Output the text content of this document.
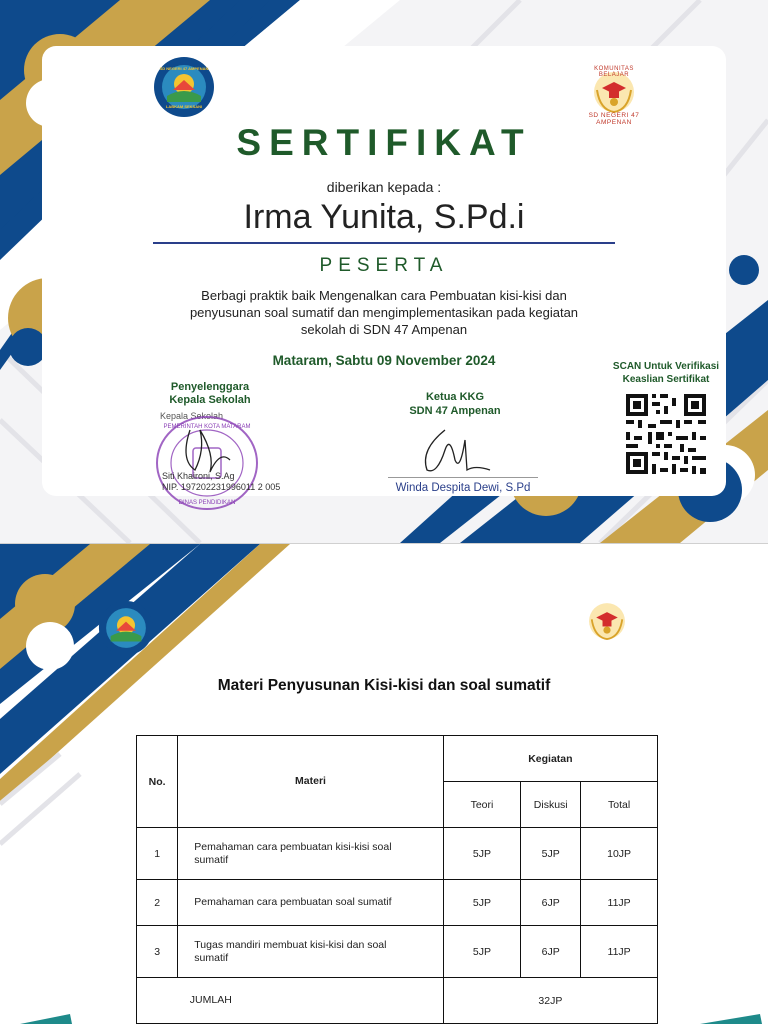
SD NEGERI 47 AMPENAN
LABKAM SEKSANI
KOMUNITAS BELAJAR
SD NEGERI 47 AMPENAN
SERTIFIKAT
diberikan kepada :
Irma Yunita, S.Pd.i
PESERTA
Berbagi praktik baik Mengenalkan cara Pembuatan kisi-kisi dan penyusunan soal sumatif dan mengimplementasikan pada kegiatan sekolah di SDN 47 Ampenan
Mataram, Sabtu 09 November 2024
Penyelenggara
Kepala Sekolah
Kepala Sekolah
PEMERINTAH KOTA MATARAM
DINAS PENDIDIKAN
Siti Khaironi, S.Ag
NIP. 197202231996011 2 005
Ketua KKG
SDN 47 Ampenan
Winda Despita Dewi, S.Pd
SCAN Untuk Verifikasi
Keaslian Sertifikat
Materi Penyusunan Kisi-kisi dan soal sumatif
No.	Materi	Kegiatan		
		Teori	Diskusi	Total
1	Pemahaman cara pembuatan kisi-kisi soal sumatif	5JP	5JP	10JP
2	Pemahaman cara pembuatan soal sumatif	5JP	6JP	11JP
3	Tugas mandiri membuat kisi-kisi dan soal sumatif	5JP	6JP	11JP
	JUMLAH	32JP		
